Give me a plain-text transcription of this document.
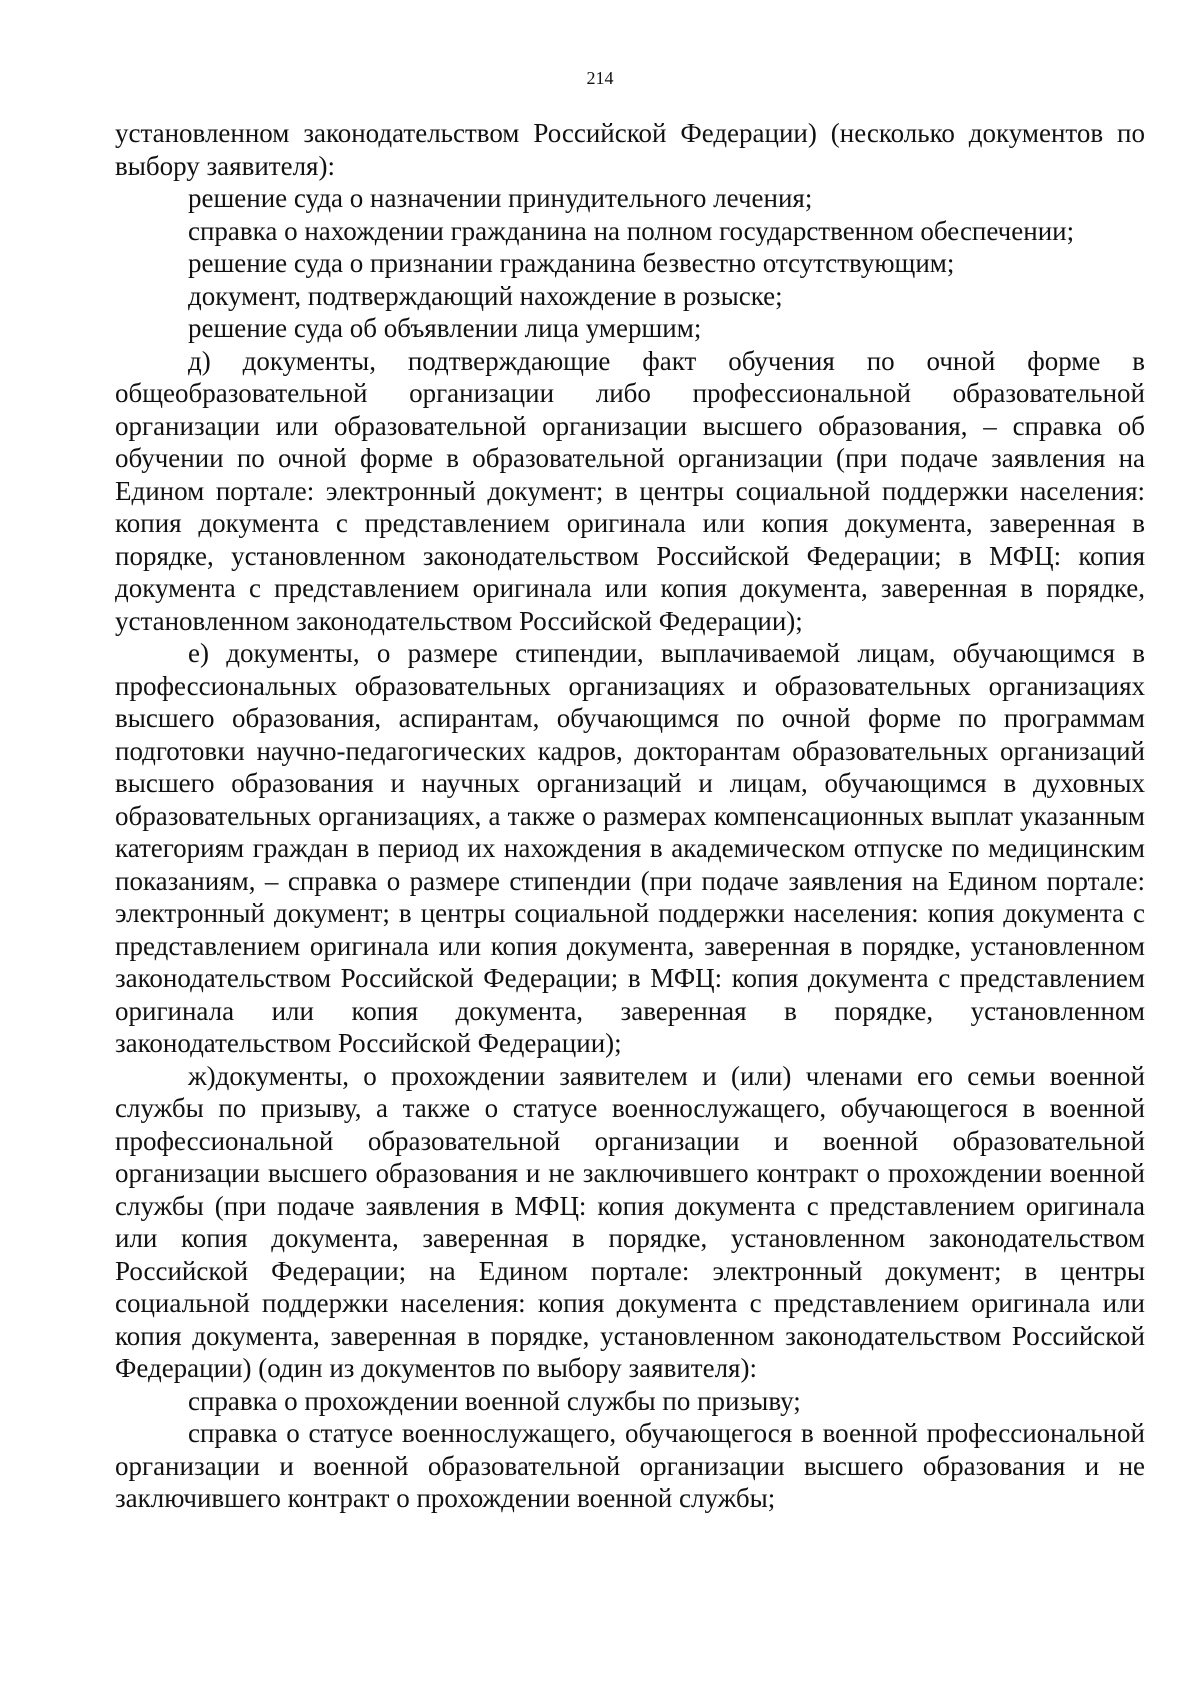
214

установленном законодательством Российской Федерации) (несколько документов по выбору заявителя):

решение суда о назначении принудительного лечения;

справка о нахождении гражданина на полном государственном обеспечении;

решение суда о признании гражданина безвестно отсутствующим;

документ, подтверждающий нахождение в розыске;

решение суда об объявлении лица умершим;

д) документы, подтверждающие факт обучения по очной форме в общеобразовательной организации либо профессиональной образовательной организации или образовательной организации высшего образования, – справка об обучении по очной форме в образовательной организации (при подаче заявления на Едином портале: электронный документ; в центры социальной поддержки населения: копия документа с представлением оригинала или копия документа, заверенная в порядке, установленном законодательством Российской Федерации; в МФЦ: копия документа с представлением оригинала или копия документа, заверенная в порядке, установленном законодательством Российской Федерации);

е) документы, о размере стипендии, выплачиваемой лицам, обучающимся в профессиональных образовательных организациях и образовательных организациях высшего образования, аспирантам, обучающимся по очной форме по программам подготовки научно-педагогических кадров, докторантам образовательных организаций высшего образования и научных организаций и лицам, обучающимся в духовных образовательных организациях, а также о размерах компенсационных выплат указанным категориям граждан в период их нахождения в академическом отпуске по медицинским показаниям, – справка о размере стипендии (при подаче заявления на Едином портале: электронный документ; в центры социальной поддержки населения: копия документа с представлением оригинала или копия документа, заверенная в порядке, установленном законодательством Российской Федерации; в МФЦ: копия документа с представлением оригинала или копия документа, заверенная в порядке, установленном законодательством Российской Федерации);

ж)документы, о прохождении заявителем и (или) членами его семьи военной службы по призыву, а также о статусе военнослужащего, обучающегося в военной профессиональной образовательной организации и военной образовательной организации высшего образования и не заключившего контракт о прохождении военной службы (при подаче заявления в МФЦ: копия документа с представлением оригинала или копия документа, заверенная в порядке, установленном законодательством Российской Федерации; на Едином портале: электронный документ; в центры социальной поддержки населения: копия документа с представлением оригинала или копия документа, заверенная в порядке, установленном законодательством Российской Федерации) (один из документов по выбору заявителя):

справка о прохождении военной службы по призыву;

справка о статусе военнослужащего, обучающегося в военной профессиональной организации и военной образовательной организации высшего образования и не заключившего контракт о прохождении военной службы;
